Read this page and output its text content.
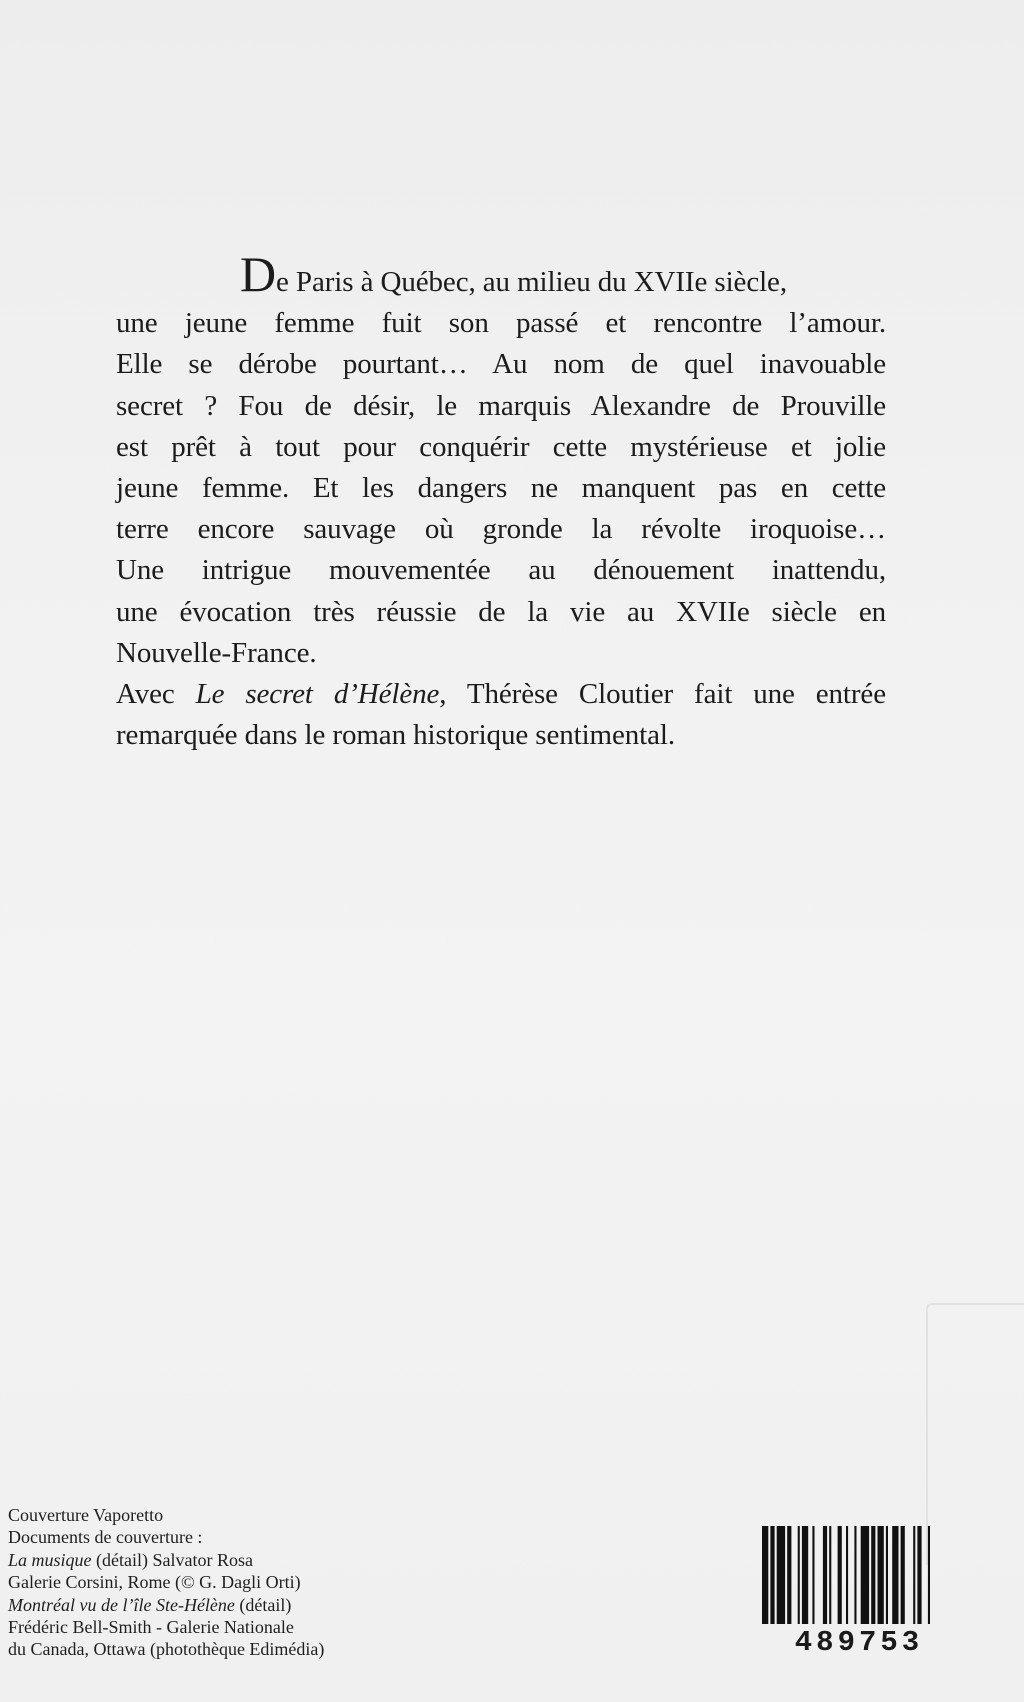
De Paris à Québec, au milieu du XVIIe siècle,
une jeune femme fuit son passé et rencontre l’amour.
Elle se dérobe pourtant… Au nom de quel inavouable
secret ? Fou de désir, le marquis Alexandre de Prouville
est prêt à tout pour conquérir cette mystérieuse et jolie
jeune femme. Et les dangers ne manquent pas en cette
terre encore sauvage où gronde la révolte iroquoise…
Une intrigue mouvementée au dénouement inattendu,
une évocation très réussie de la vie au XVIIe siècle en
Nouvelle-France.
Avec Le secret d’Hélène, Thérèse Cloutier fait une entrée
remarquée dans le roman historique sentimental.

Couverture Vaporetto
Documents de couverture :
La musique (détail) Salvator Rosa
Galerie Corsini, Rome (© G. Dagli Orti)
Montréal vu de l’île Ste-Hélène (détail)
Frédéric Bell-Smith - Galerie Nationale
du Canada, Ottawa (photothèque Edimédia)	489753
